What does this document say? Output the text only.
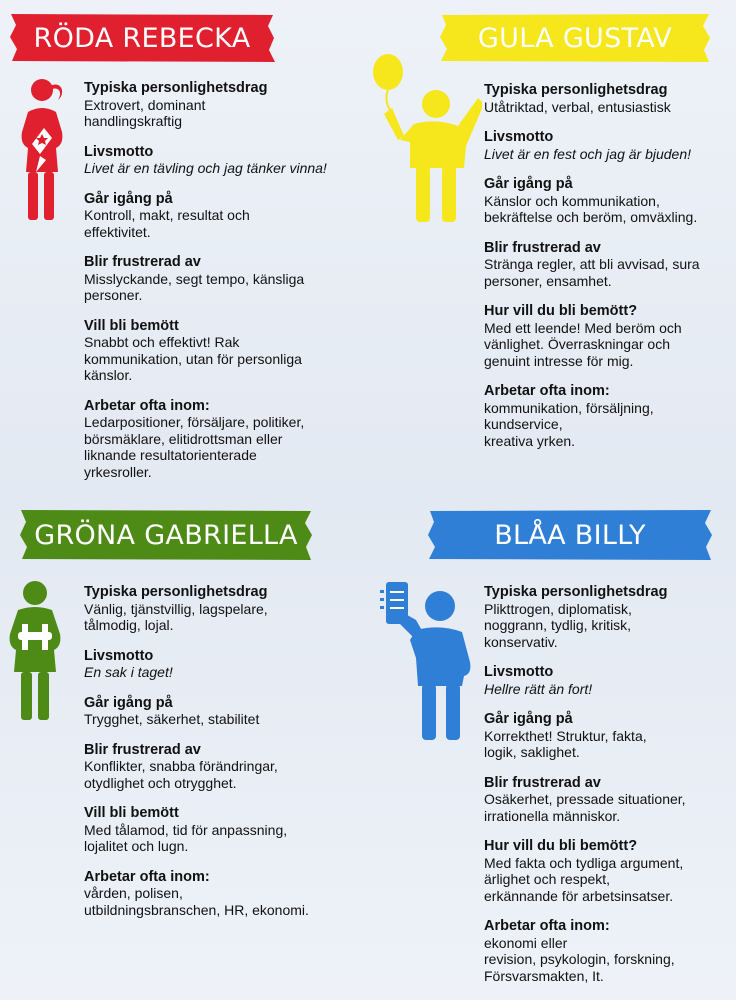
RÖDA REBECKA
Typiska personlighetsdrag
Extrovert, dominant
handlingskraftig
Livsmotto
Livet är en tävling och jag tänker vinna!
Går igång på
Kontroll, makt, resultat och
effektivitet.
Blir frustrerad av
Misslyckande, segt tempo, känsliga
personer.
Vill bli bemött
Snabbt och effektivt! Rak
kommunikation, utan för personliga
känslor.
Arbetar ofta inom:
Ledarpositioner, försäljare, politiker,
börsmäklare, elitidrottsman eller
liknande resultatorienterade
yrkesroller.
GULA GUSTAV
Typiska personlighetsdrag
Utåtriktad, verbal, entusiastisk
Livsmotto
Livet är en fest och jag är bjuden!
Går igång på
Känslor och kommunikation,
bekräftelse och beröm, omväxling.
Blir frustrerad av
Stränga regler, att bli avvisad, sura
personer, ensamhet.
Hur vill du bli bemött?
Med ett leende! Med beröm och
vänlighet. Överraskningar och
genuint intresse för mig.
Arbetar ofta inom:
kommunikation, försäljning,
kundservice,
kreativa yrken.
GRÖNA GABRIELLA
Typiska personlighetsdrag
Vänlig, tjänstvillig, lagspelare,
tålmodig, lojal.
Livsmotto
En sak i taget!
Går igång på
Trygghet, säkerhet, stabilitet
Blir frustrerad av
Konflikter, snabba förändringar,
otydlighet och otrygghet.
Vill bli bemött
Med tålamod, tid för anpassning,
lojalitet och lugn.
Arbetar ofta inom:
vården, polisen,
utbildningsbranschen, HR, ekonomi.
BLÅA BILLY
Typiska personlighetsdrag
Plikttrogen, diplomatisk,
noggrann, tydlig, kritisk,
konservativ.
Livsmotto
Hellre rätt än fort!
Går igång på
Korrekthet! Struktur, fakta,
logik, saklighet.
Blir frustrerad av
Osäkerhet, pressade situationer,
irrationella människor.
Hur vill du bli bemött?
Med fakta och tydliga argument,
ärlighet och respekt,
erkännande för arbetsinsatser.
Arbetar ofta inom:
ekonomi eller
revision, psykologin, forskning,
Försvarsmakten, It.
